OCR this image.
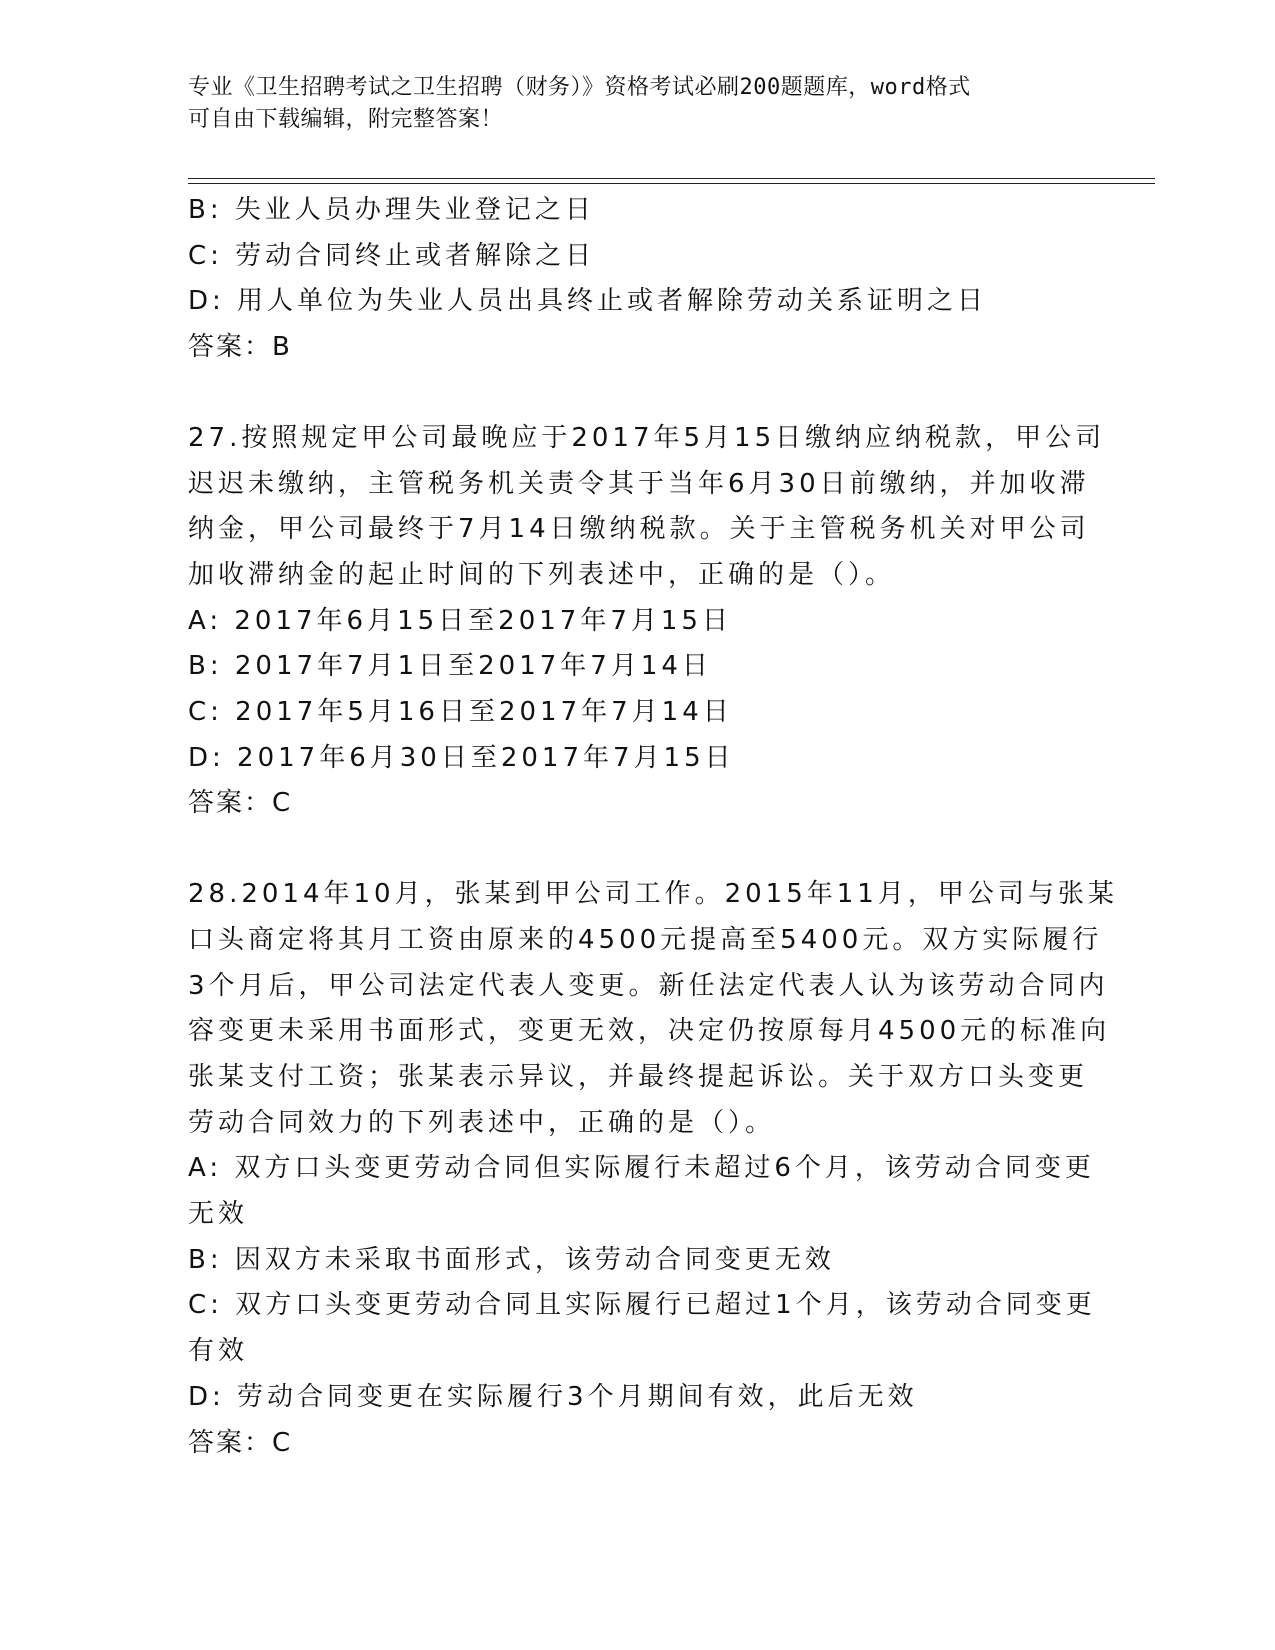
专业《卫生招聘考试之卫生招聘（财务）》资格考试必刷200题题库，word格式
可自由下载编辑，附完整答案！
B: 失业人员办理失业登记之日
C: 劳动合同终止或者解除之日
D: 用人单位为失业人员出具终止或者解除劳动关系证明之日
答案：B
27.按照规定甲公司最晚应于2017年5月15日缴纳应纳税款，甲公司
迟迟未缴纳，主管税务机关责令其于当年6月30日前缴纳，并加收滞
纳金，甲公司最终于7月14日缴纳税款。关于主管税务机关对甲公司
加收滞纳金的起止时间的下列表述中，正确的是（）。
A: 2017年6月15日至2017年7月15日
B: 2017年7月1日至2017年7月14日
C: 2017年5月16日至2017年7月14日
D: 2017年6月30日至2017年7月15日
答案：C
28.2014年10月，张某到甲公司工作。2015年11月，甲公司与张某
口头商定将其月工资由原来的4500元提高至5400元。双方实际履行
3个月后，甲公司法定代表人变更。新任法定代表人认为该劳动合同内
容变更未采用书面形式，变更无效，决定仍按原每月4500元的标准向
张某支付工资；张某表示异议，并最终提起诉讼。关于双方口头变更
劳动合同效力的下列表述中，正确的是（）。
A: 双方口头变更劳动合同但实际履行未超过6个月，该劳动合同变更
无效
B: 因双方未采取书面形式，该劳动合同变更无效
C: 双方口头变更劳动合同且实际履行已超过1个月，该劳动合同变更
有效
D: 劳动合同变更在实际履行3个月期间有效，此后无效
答案：C
